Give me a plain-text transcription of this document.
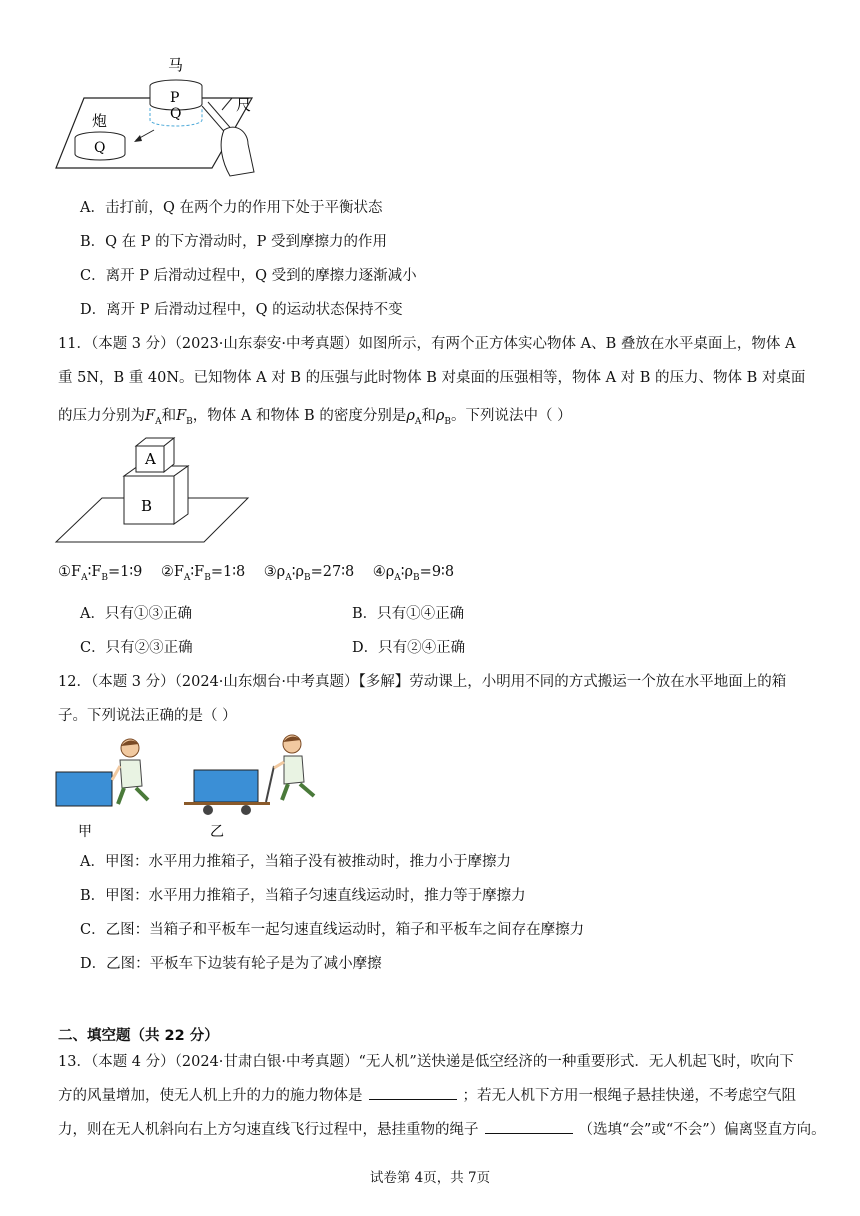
马
P
Q
炮
Q
尺
A．击打前，Q 在两个力的作用下处于平衡状态
B．Q 在 P 的下方滑动时，P 受到摩擦力的作用
C．离开 P 后滑动过程中，Q 受到的摩擦力逐渐减小
D．离开 P 后滑动过程中，Q 的运动状态保持不变
11．（本题 3 分）（2023·山东泰安·中考真题）如图所示，有两个正方体实心物体 A、B 叠放在水平桌面上，物体 A
重 5N，B 重 40N。已知物体 A 对 B 的压强与此时物体 B 对桌面的压强相等，物体 A 对 B 的压力、物体 B 对桌面
的压力分别为$F_A$和$F_B$，物体 A 和物体 B 的密度分别是$\rho_A$和$\rho_B$。下列说法中（ ）
A
B
$①F_A∶F_B=1∶9$ $②F_A∶F_B=1∶8$ $③\rho_A∶\rho_B=27∶8$ $④\rho_A∶\rho_B=9∶8$
A．只有①③正确	B．只有①④正确
C．只有②③正确	D．只有②④正确
12．（本题 3 分）（2024·山东烟台·中考真题）【多解】劳动课上，小明用不同的方式搬运一个放在水平地面上的箱
子。下列说法正确的是（ ）
甲	乙
A．甲图：水平用力推箱子，当箱子没有被推动时，推力小于摩擦力
B．甲图：水平用力推箱子，当箱子匀速直线运动时，推力等于摩擦力
C．乙图：当箱子和平板车一起匀速直线运动时，箱子和平板车之间存在摩擦力
D．乙图：平板车下边装有轮子是为了减小摩擦
二、填空题（共 22 分）
13．（本题 4 分）（2024·甘肃白银·中考真题）“无人机”送快递是低空经济的一种重要形式．无人机起飞时，吹向下
方的风量增加，使无人机上升的力的施力物体是	；若无人机下方用一根绳子悬挂快递，不考虑空气阻
力，则在无人机斜向右上方匀速直线飞行过程中，悬挂重物的绳子	（选填“会”或“不会”）偏离竖直方向。
试卷第 4页，共 7页
